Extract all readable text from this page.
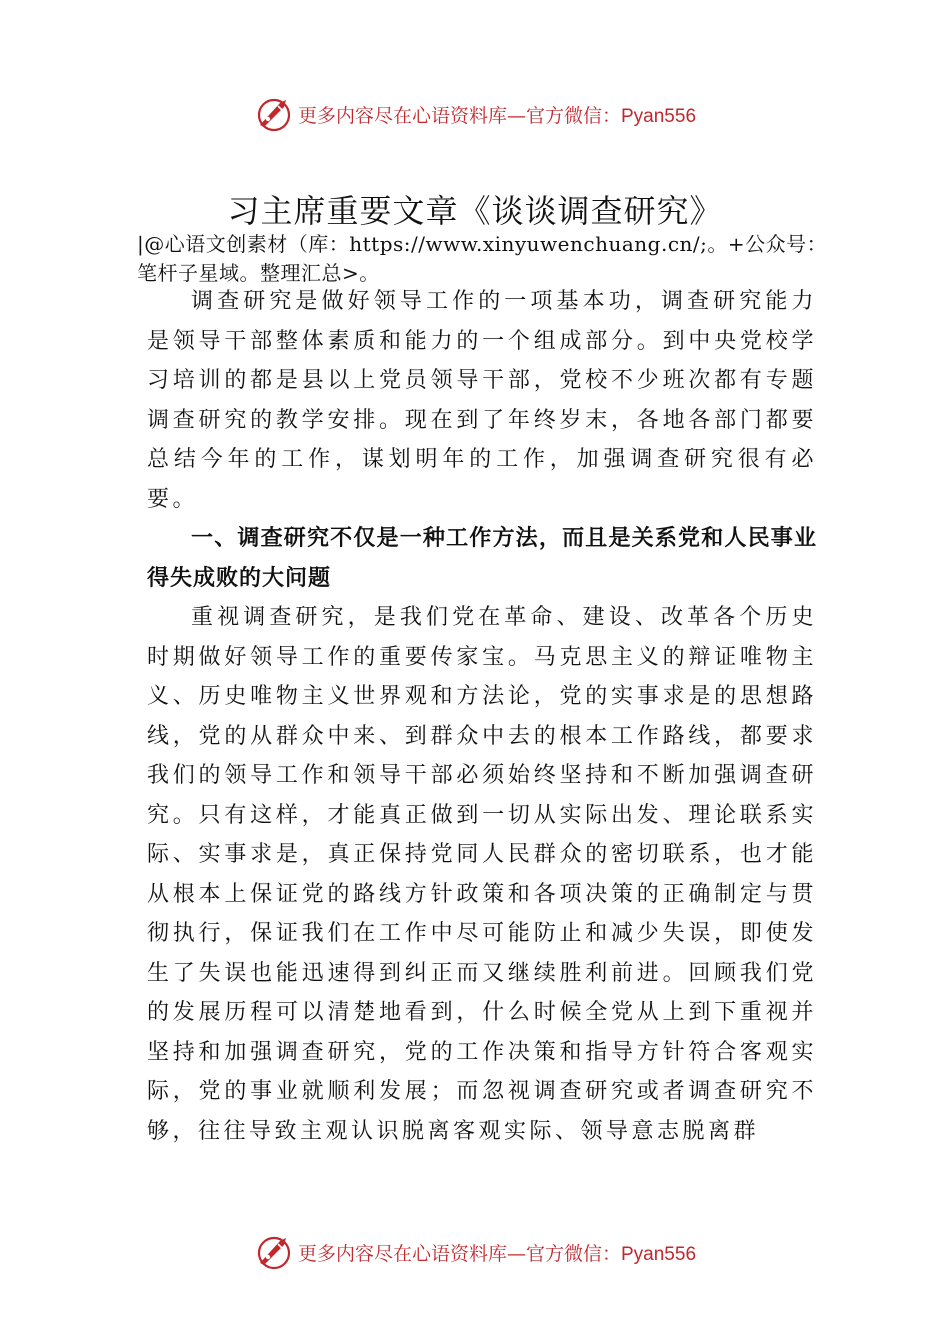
更多内容尽在心语资料库—官方微信：Pyan556
习主席重要文章《谈谈调查研究》

|@心语文创素材（库：https://www.xinyuwenchuang.cn/;。+公众号：笔杆子星域。整理汇总>。

调查研究是做好领导工作的一项基本功，调查研究能力是领导干部整体素质和能力的一个组成部分。到中央党校学习培训的都是县以上党员领导干部，党校不少班次都有专题调查研究的教学安排。现在到了年终岁末，各地各部门都要总结今年的工作，谋划明年的工作，加强调查研究很有必要。

一、调查研究不仅是一种工作方法，而且是关系党和人民事业得失成败的大问题

重视调查研究，是我们党在革命、建设、改革各个历史时期做好领导工作的重要传家宝。马克思主义的辩证唯物主义、历史唯物主义世界观和方法论，党的实事求是的思想路线，党的从群众中来、到群众中去的根本工作路线，都要求我们的领导工作和领导干部必须始终坚持和不断加强调查研究。只有这样，才能真正做到一切从实际出发、理论联系实际、实事求是，真正保持党同人民群众的密切联系，也才能从根本上保证党的路线方针政策和各项决策的正确制定与贯彻执行，保证我们在工作中尽可能防止和减少失误，即使发生了失误也能迅速得到纠正而又继续胜利前进。回顾我们党的发展历程可以清楚地看到，什么时候全党从上到下重视并坚持和加强调查研究，党的工作决策和指导方针符合客观实际，党的事业就顺利发展；而忽视调查研究或者调查研究不够，往往导致主观认识脱离客观实际、领导意志脱离群

更多内容尽在心语资料库—官方微信：Pyan556
